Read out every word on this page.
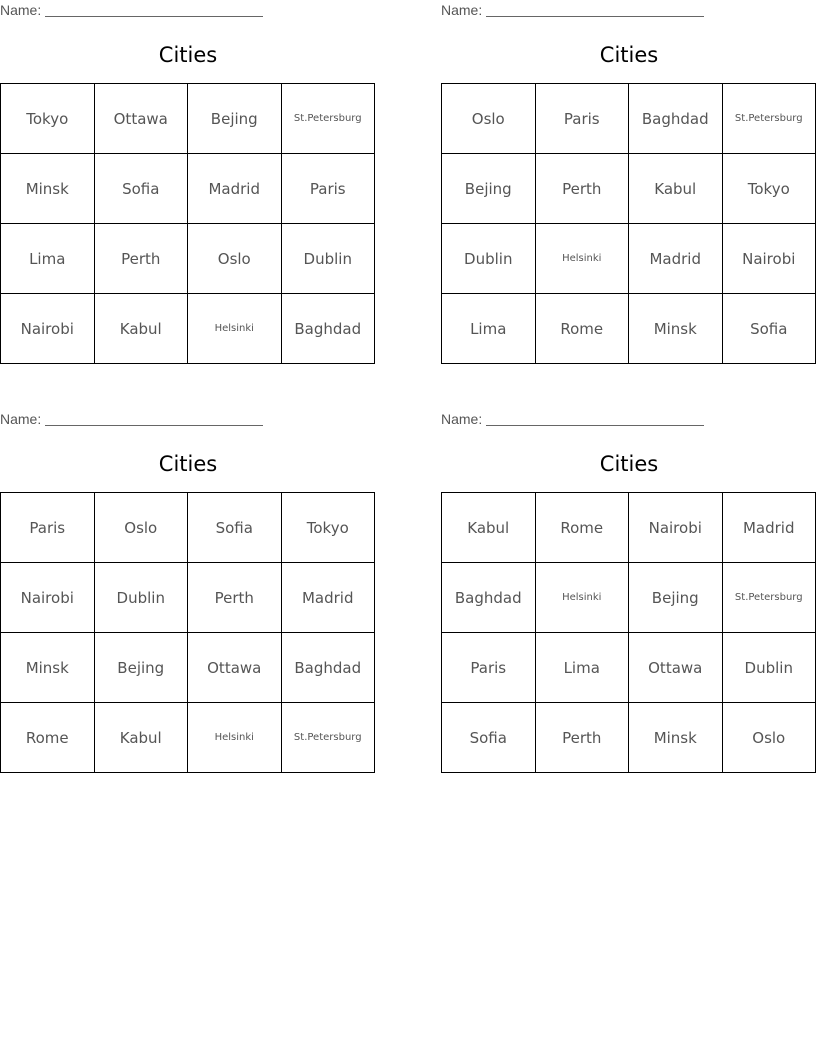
Name:
Cities
Tokyo	Ottawa	Bejing	St.Petersburg
Minsk	Sofia	Madrid	Paris
Lima	Perth	Oslo	Dublin
Nairobi	Kabul	Helsinki	Baghdad
Name:
Cities
Oslo	Paris	Baghdad	St.Petersburg
Bejing	Perth	Kabul	Tokyo
Dublin	Helsinki	Madrid	Nairobi
Lima	Rome	Minsk	Sofia
Name:
Cities
Paris	Oslo	Sofia	Tokyo
Nairobi	Dublin	Perth	Madrid
Minsk	Bejing	Ottawa	Baghdad
Rome	Kabul	Helsinki	St.Petersburg
Name:
Cities
Kabul	Rome	Nairobi	Madrid
Baghdad	Helsinki	Bejing	St.Petersburg
Paris	Lima	Ottawa	Dublin
Sofia	Perth	Minsk	Oslo
